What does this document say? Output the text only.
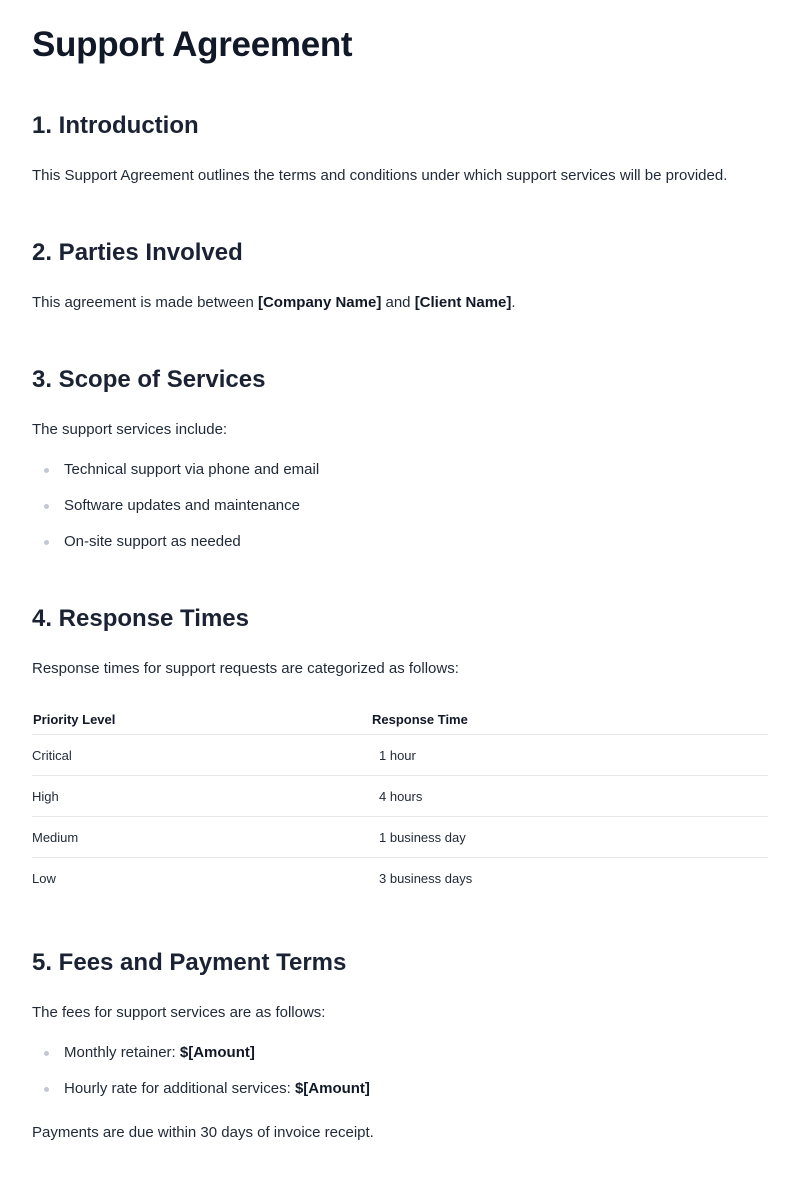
Support Agreement
1. Introduction

This Support Agreement outlines the terms and conditions under which support services will be provided.

2. Parties Involved

This agreement is made between [Company Name] and [Client Name].

3. Scope of Services

The support services include:

Technical support via phone and email
Software updates and maintenance
On-site support as needed
4. Response Times

Response times for support requests are categorized as follows:

Priority Level	Response Time
Critical	1 hour
High	4 hours
Medium	1 business day
Low	3 business days
5. Fees and Payment Terms

The fees for support services are as follows:

Monthly retainer: $[Amount]
Hourly rate for additional services: $[Amount]

Payments are due within 30 days of invoice receipt.
